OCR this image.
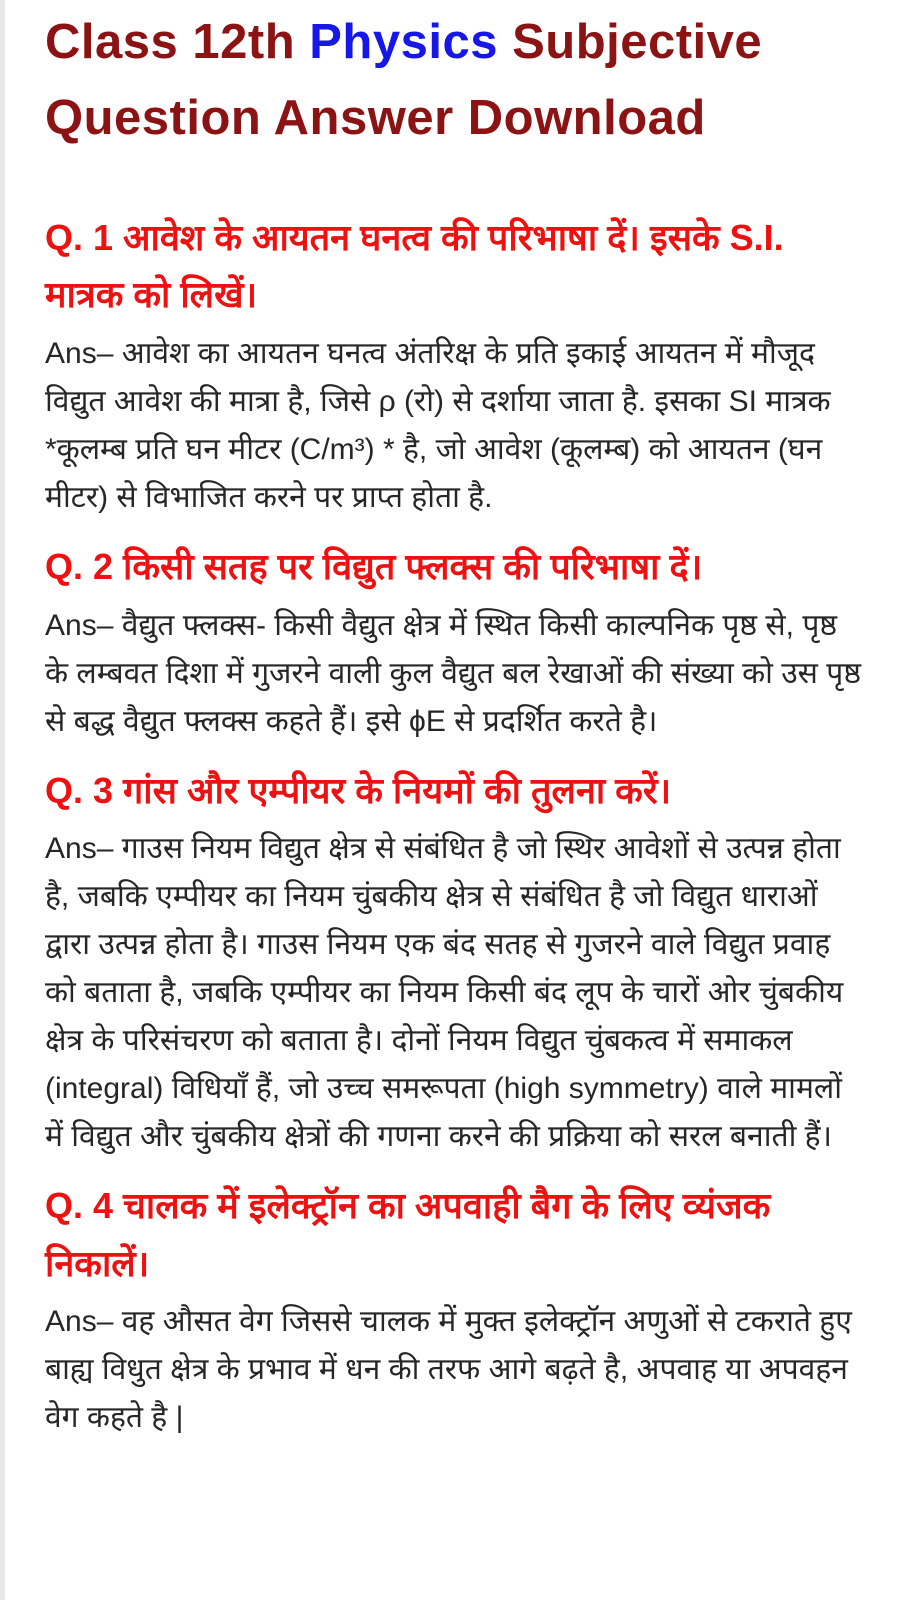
Class 12th Physics Subjective Question Answer Download
Q. 1 आवेश के आयतन घनत्व की परिभाषा दें। इसके S.I. मात्रक को लिखें।

Ans– आवेश का आयतन घनत्व अंतरिक्ष के प्रति इकाई आयतन में मौजूद विद्युत आवेश की मात्रा है, जिसे ρ (रो) से दर्शाया जाता है. इसका SI मात्रक *कूलम्ब प्रति घन मीटर (C/m³) * है, जो आवेश (कूलम्ब) को आयतन (घन मीटर) से विभाजित करने पर प्राप्त होता है.

Q. 2 किसी सतह पर विद्युत फ्लक्स की परिभाषा दें।

Ans– वैद्युत फ्लक्स- किसी वैद्युत क्षेत्र में स्थित किसी काल्पनिक पृष्ठ से, पृष्ठ के लम्बवत दिशा में गुजरने वाली कुल वैद्युत बल रेखाओं की संख्या को उस पृष्ठ से बद्ध वैद्युत फ्लक्स कहते हैं। इसे ϕE से प्रदर्शित करते है।

Q. 3 गांस और एम्पीयर के नियमों की तुलना करें।

Ans– गाउस नियम विद्युत क्षेत्र से संबंधित है जो स्थिर आवेशों से उत्पन्न होता है, जबकि एम्पीयर का नियम चुंबकीय क्षेत्र से संबंधित है जो विद्युत धाराओं द्वारा उत्पन्न होता है। गाउस नियम एक बंद सतह से गुजरने वाले विद्युत प्रवाह को बताता है, जबकि एम्पीयर का नियम किसी बंद लूप के चारों ओर चुंबकीय क्षेत्र के परिसंचरण को बताता है। दोनों नियम विद्युत चुंबकत्व में समाकल (integral) विधियाँ हैं, जो उच्च समरूपता (high symmetry) वाले मामलों में विद्युत और चुंबकीय क्षेत्रों की गणना करने की प्रक्रिया को सरल बनाती हैं।

Q. 4 चालक में इलेक्ट्रॉन का अपवाही बैग के लिए व्यंजक निकालें।

Ans– वह औसत वेग जिससे चालक में मुक्त इलेक्ट्रॉन अणुओं से टकराते हुए बाह्य विधुत क्षेत्र के प्रभाव में धन की तरफ आगे बढ़ते है, अपवाह या अपवहन वेग कहते है |
